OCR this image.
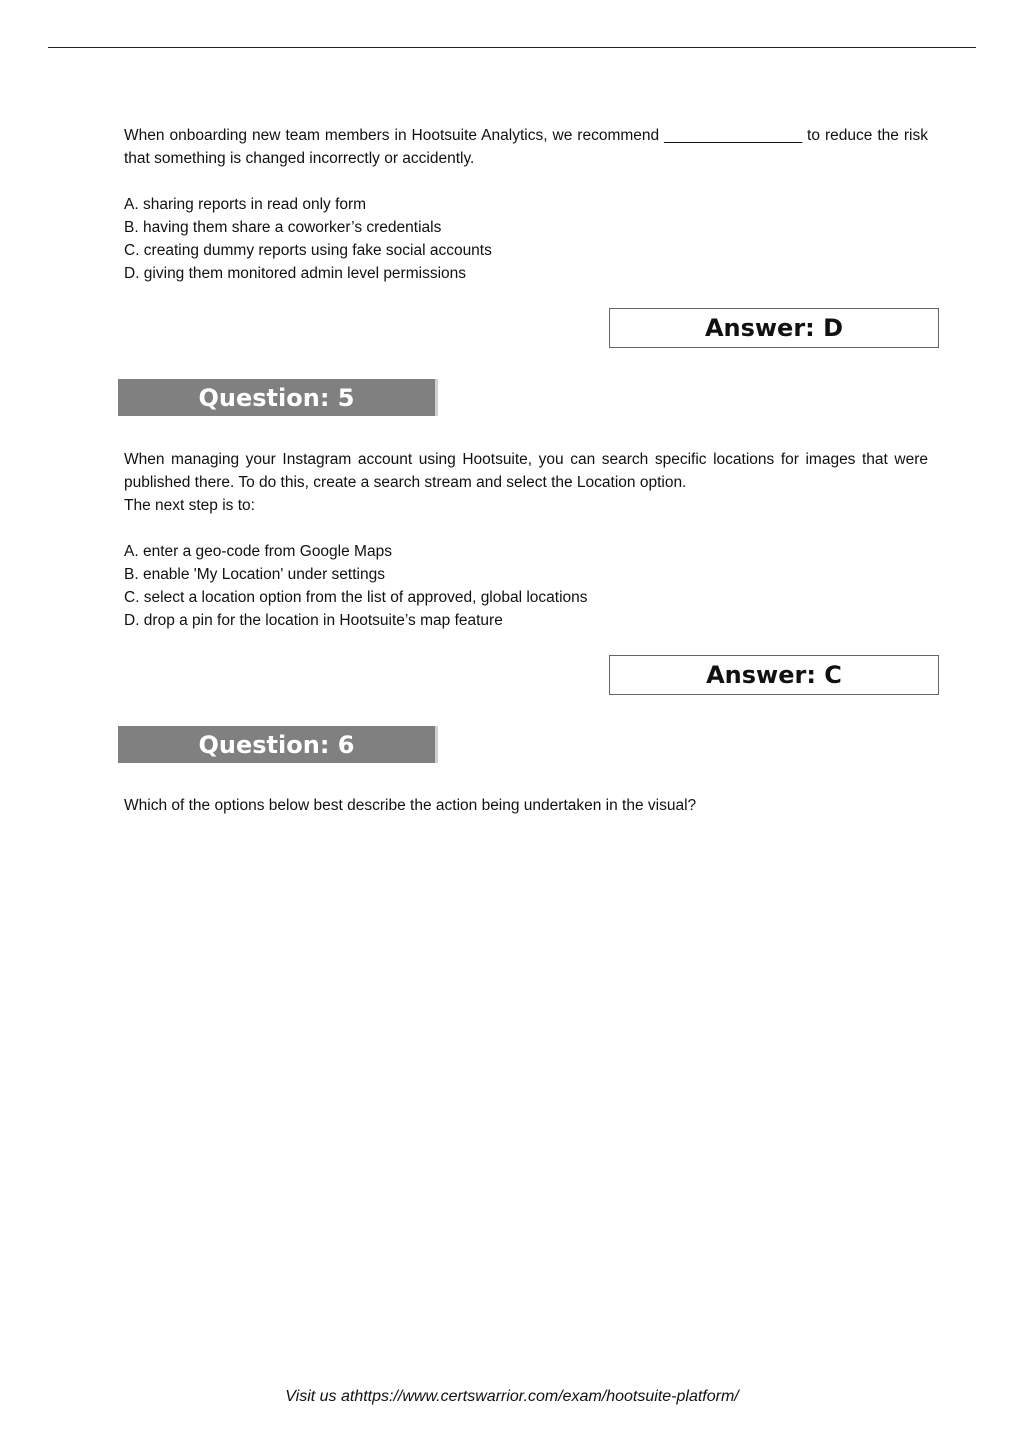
When onboarding new team members in Hootsuite Analytics, we recommend ________________ to reduce the risk that something is changed incorrectly or accidently.

A. sharing reports in read only form
B. having them share a coworker’s credentials
C. creating dummy reports using fake social accounts
D. giving them monitored admin level permissions
Answer: D
Question: 5

When managing your Instagram account using Hootsuite, you can search specific locations for images that were published there. To do this, create a search stream and select the Location option.

The next step is to:

A. enter a geo-code from Google Maps
B. enable 'My Location' under settings
C. select a location option from the list of approved, global locations
D. drop a pin for the location in Hootsuite’s map feature
Answer: C
Question: 6

Which of the options below best describe the action being undertaken in the visual?

Visit us athttps://www.certswarrior.com/exam/hootsuite-platform/
